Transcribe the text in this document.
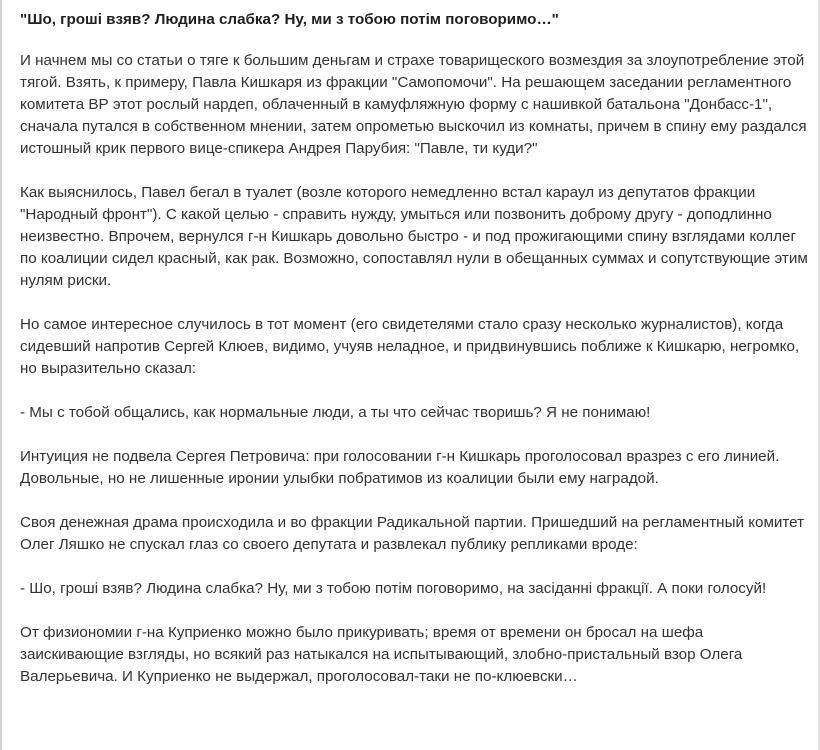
"Шо, гроші взяв? Людина слабка? Ну, ми з тобою потім поговоримо…"

И начнем мы со статьи о тяге к большим деньгам и страхе товарищеского возмездия за злоупотребление этой тягой. Взять, к примеру, Павла Кишкаря из фракции "Самопомочи". На решающем заседании регламентного комитета ВР этот рослый нардеп, облаченный в камуфляжную форму с нашивкой батальона "Донбасс-1", сначала путался в собственном мнении, затем опрометью выскочил из комнаты, причем в спину ему раздался истошный крик первого вице-спикера Андрея Парубия: "Павле, ти куди?"

Как выяснилось, Павел бегал в туалет (возле которого немедленно встал караул из депутатов фракции "Народный фронт"). С какой целью - справить нужду, умыться или позвонить доброму другу - доподлинно неизвестно. Впрочем, вернулся г-н Кишкарь довольно быстро - и под прожигающими спину взглядами коллег по коалиции сидел красный, как рак. Возможно, сопоставлял нули в обещанных суммах и сопутствующие этим нулям риски.

Но самое интересное случилось в тот момент (его свидетелями стало сразу несколько журналистов), когда сидевший напротив Сергей Клюев, видимо, учуяв неладное, и придвинувшись поближе к Кишкарю, негромко, но выразительно сказал:

- Мы с тобой общались, как нормальные люди, а ты что сейчас творишь? Я не понимаю!

Интуиция не подвела Сергея Петровича: при голосовании г-н Кишкарь проголосовал вразрез с его линией. Довольные, но не лишенные иронии улыбки побратимов из коалиции были ему наградой.

Своя денежная драма происходила и во фракции Радикальной партии. Пришедший на регламентный комитет Олег Ляшко не спускал глаз со своего депутата и развлекал публику репликами вроде:

- Шо, гроші взяв? Людина слабка? Ну, ми з тобою потім поговоримо, на засіданні фракції. А поки голосуй!

От физиономии г-на Куприенко можно было прикуривать; время от времени он бросал на шефа заискивающие взгляды, но всякий раз натыкался на испытывающий, злобно-пристальный взор Олега Валерьевича. И Куприенко не выдержал, проголосовал-таки не по-клюевски…
